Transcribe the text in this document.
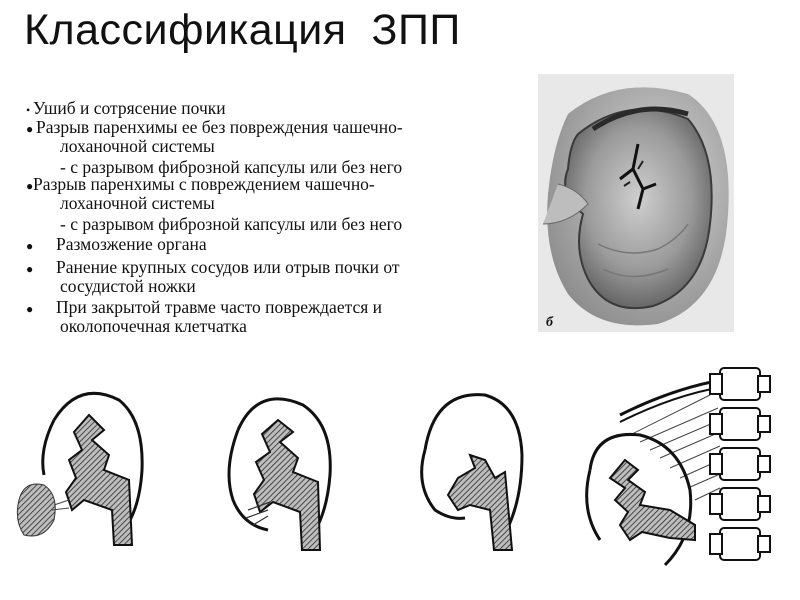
Классификация  ЗПП
• Ушиб и сотрясение почки
● Разрыв паренхимы ее без повреждения чашечно-
лоханочной системы
- с разрывом фиброзной капсулы или без него
●Разрыв паренхимы с повреждением чашечно-
лоханочной системы
- с разрывом фиброзной капсулы или без него
● Размозжение органа
● Ранение крупных сосудов или отрыв почки от
сосудистой ножки
● При закрытой травме часто повреждается и
околопочечная клетчатка	б
